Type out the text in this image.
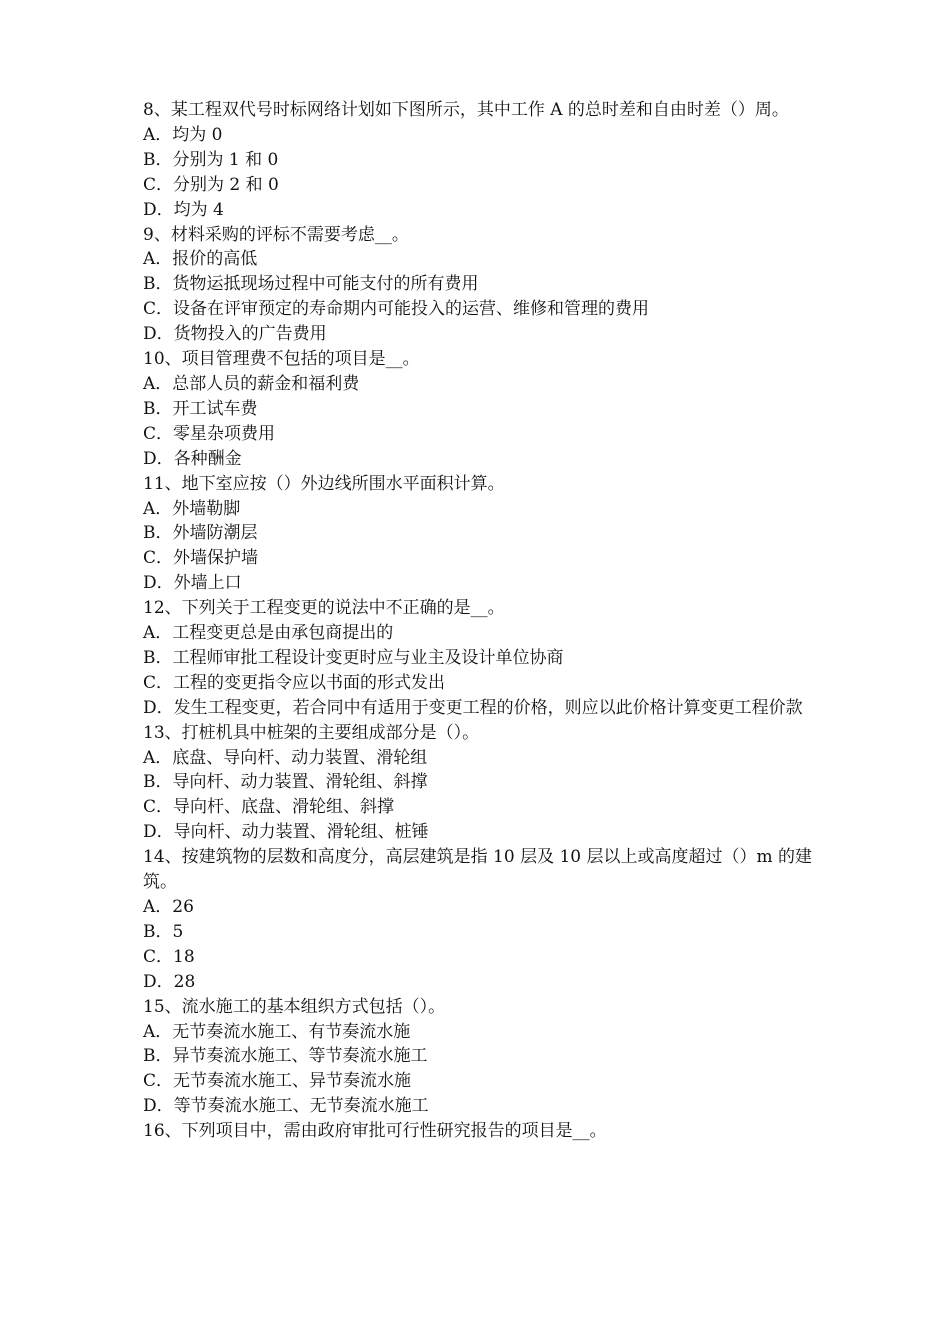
8、某工程双代号时标网络计划如下图所示，其中工作 A 的总时差和自由时差（）周。

A．均为 0

B．分别为 1 和 0

C．分别为 2 和 0

D．均为 4

9、材料采购的评标不需要考虑__。

A．报价的高低

B．货物运抵现场过程中可能支付的所有费用

C．设备在评审预定的寿命期内可能投入的运营、维修和管理的费用

D．货物投入的广告费用

10、项目管理费不包括的项目是__。

A．总部人员的薪金和福利费

B．开工试车费

C．零星杂项费用

D．各种酬金

11、地下室应按（）外边线所围水平面积计算。

A．外墙勒脚

B．外墙防潮层

C．外墙保护墙

D．外墙上口

12、下列关于工程变更的说法中不正确的是__。

A．工程变更总是由承包商提出的

B．工程师审批工程设计变更时应与业主及设计单位协商

C．工程的变更指令应以书面的形式发出

D．发生工程变更，若合同中有适用于变更工程的价格，则应以此价格计算变更工程价款

13、打桩机具中桩架的主要组成部分是（）。

A．底盘、导向杆、动力装置、滑轮组

B．导向杆、动力装置、滑轮组、斜撑

C．导向杆、底盘、滑轮组、斜撑

D．导向杆、动力装置、滑轮组、桩锤

14、按建筑物的层数和高度分，高层建筑是指 10 层及 10 层以上或高度超过（）m 的建筑。

A．26

B．5

C．18

D．28

15、流水施工的基本组织方式包括（）。

A．无节奏流水施工、有节奏流水施

B．异节奏流水施工、等节奏流水施工

C．无节奏流水施工、异节奏流水施

D．等节奏流水施工、无节奏流水施工

16、下列项目中，需由政府审批可行性研究报告的项目是__。
